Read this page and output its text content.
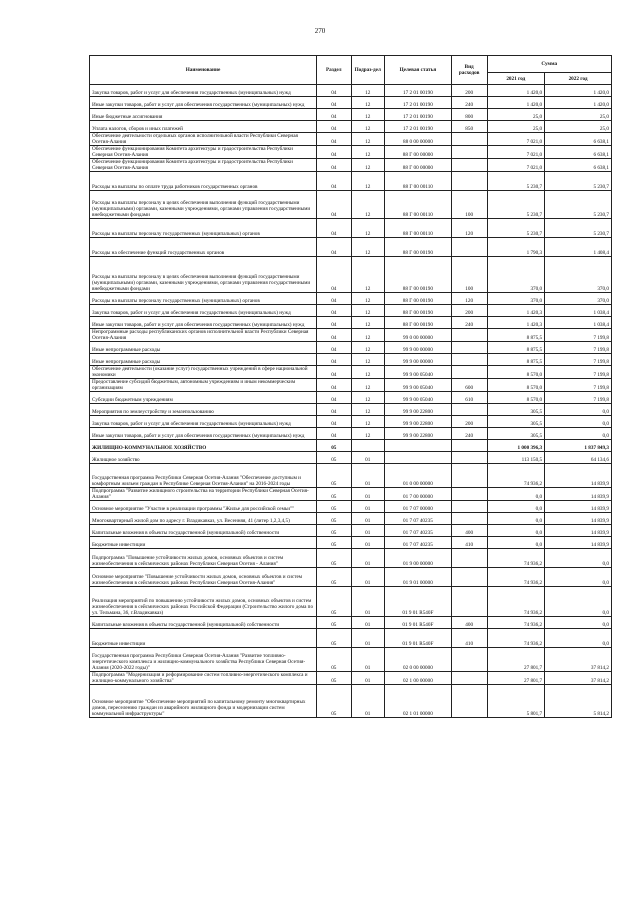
270
Наименование	Раздел	Подраз-дел	Целевая статья	Вид расходов	Сумма	
					2021 год	2022 год
Закупка товаров, работ и услуг для обеспечения государственных (муниципальных) нужд	04	12	17 2 01 00190	200	1 420,0	1 420,0
Иные закупки товаров, работ и услуг для обеспечения государственных (муниципальных) нужд	04	12	17 2 01 00190	240	1 420,0	1 420,0
Иные бюджетные ассигнования	04	12	17 2 01 00190	800	25,0	25,0
Уплата налогов, сборов и иных платежей	04	12	17 2 01 00190	850	25,0	25,0
Обеспечение деятельности отдельных органов исполнительной власти Республики Северная Осетия-Алания	04	12	88 0 00 00000		7 021,0	6 638,1
Обеспечение функционирования Комитета архитектуры и градостроительства Республики Северная Осетия-Алания	04	12	88 Г 00 00000		7 021,0	6 638,1
Обеспечение функционирования Комитета архитектуры и градостроительства Республики Северная Осетия-Алания	04	12	88 Г 00 00000		7 021,0	6 638,1
Расходы на выплаты по оплате труда работников государственных органов	04	12	88 Г 00 00110		5 230,7	5 230,7
Расходы на выплаты персоналу в целях обеспечения выполнения функций государственными (муниципальными) органами, казенными учреждениями, органами управления государственными внебюджетными фондами	04	12	88 Г 00 00110	100	5 230,7	5 230,7
Расходы на выплаты персоналу государственных (муниципальных) органов	04	12	88 Г 00 00110	120	5 230,7	5 230,7
Расходы на обеспечение функций государственных органов	04	12	88 Г 00 00190		1 790,3	1 408,4
Расходы на выплаты персоналу в целях обеспечения выполнения функций государственными (муниципальными) органами, казенными учреждениями, органами управления государственными внебюджетными фондами	04	12	88 Г 00 00190	100	370,0	370,0
Расходы на выплаты персоналу государственных (муниципальных) органов	04	12	88 Г 00 00190	120	370,0	370,0
Закупка товаров, работ и услуг для обеспечения государственных (муниципальных) нужд	04	12	88 Г 00 00190	200	1 420,3	1 038,4
Иные закупки товаров, работ и услуг для обеспечения государственных (муниципальных) нужд	04	12	88 Г 00 00190	240	1 420,3	1 038,4
Непрограммные расходы республиканских органов исполнительной власти Республики Северная Осетия-Алания	04	12	99 0 00 00000		8 875,5	7 199,8
Иные непрограммные расходы	04	12	99 9 00 00000		8 875,5	7 199,8
Иные непрограммные расходы	04	12	99 9 00 00000		8 875,5	7 199,8
Обеспечение деятельности (оказание услуг) государственных учреждений в сфере национальной экономики	04	12	99 9 00 05040		8 570,0	7 199,8
Предоставление субсидий бюджетным, автономным учреждениям и иным некоммерческим организациям	04	12	99 9 00 05040	600	8 570,0	7 199,8
Субсидии бюджетным учреждениям	04	12	99 9 00 05040	610	8 570,0	7 199,8
Мероприятия по землеустройству и землепользованию	04	12	99 9 00 22800		305,5	0,0
Закупка товаров, работ и услуг для обеспечения государственных (муниципальных) нужд	04	12	99 9 00 22800	200	305,5	0,0
Иные закупки товаров, работ и услуг для обеспечения государственных (муниципальных) нужд	04	12	99 9 00 22800	240	305,5	0,0
ЖИЛИЩНО-КОММУНАЛЬНОЕ ХОЗЯЙСТВО	05				1 000 396,3	1 837 849,3
Жилищное хозяйство	05	01			113 150,5	64 134,6
Государственная программа Республики Северная Осетия-Алания "Обеспечение доступным и комфортным жильем граждан в Республике Северная Осетия-Алания" на 2016-2024 годы	05	01	01 0 00 00000		74 936,2	14 839,9
Подпрограмма "Развитие жилищного строительства на территории Республики Северная Осетия-Алания"	05	01	01 7 00 00000		0,0	14 839,9
Основное мероприятие "Участие в реализации программы "Жилье для российской семьи""	05	01	01 7 07 00000		0,0	14 839,9
Многоквартирный жилой дом по адресу г. Владикавказ, ул. Весенняя, 41 (литер 1,2,3,4,5)	05	01	01 7 07 40235		0,0	14 839,9
Капитальные вложения в объекты государственной (муниципальной) собственности	05	01	01 7 07 40235	400	0,0	14 839,9
Бюджетные инвестиции	05	01	01 7 07 40235	410	0,0	14 839,9
Подпрограмма "Повышение устойчивости жилых домов, основных объектов и систем жизнеобеспечения в сейсмических районах Республики Северная Осетия - Алания"	05	01	01 9 00 00000		74 936,2	0,0
Основное мероприятие "Повышение устойчивости жилых домов, основных объектов и систем жизнеобеспечения в сейсмических районах Республики Северная Осетия-Алания"	05	01	01 9 01 00000		74 936,2	0,0
Реализация мероприятий по повышению устойчивости жилых домов, основных объектов и систем жизнеобеспечения в сейсмических районах Российской Федерации (Строительство жилого дома по ул. Тельмана, 36, г.Владикавказ)	05	01	01 9 01 R540F		74 936,2	0,0
Капитальные вложения в объекты государственной (муниципальной) собственности	05	01	01 9 01 R540F	400	74 936,2	0,0
Бюджетные инвестиции	05	01	01 9 01 R540F	410	74 936,2	0,0
Государственная программа Республики Северная Осетия-Алания "Развитие топливно-энергетического комплекса и жилищно-коммунального хозяйства Республики Северная Осетия-Алания (2020-2022 годы)"	05	01	02 0 00 00000		27 801,7	37 814,2
Подпрограмма "Модернизация и реформирование систем топливно-энергетического комплекса и жилищно-коммунального хозяйства"	05	01	02 1 00 00000		27 801,7	37 814,2
Основное мероприятие "Обеспечение мероприятий по капитальному ремонту многоквартирных домов, переселению граждан из аварийного жилищного фонда и модернизации систем коммунальной инфраструктуры"	05	01	02 1 01 00000		5 801,7	5 814,2
